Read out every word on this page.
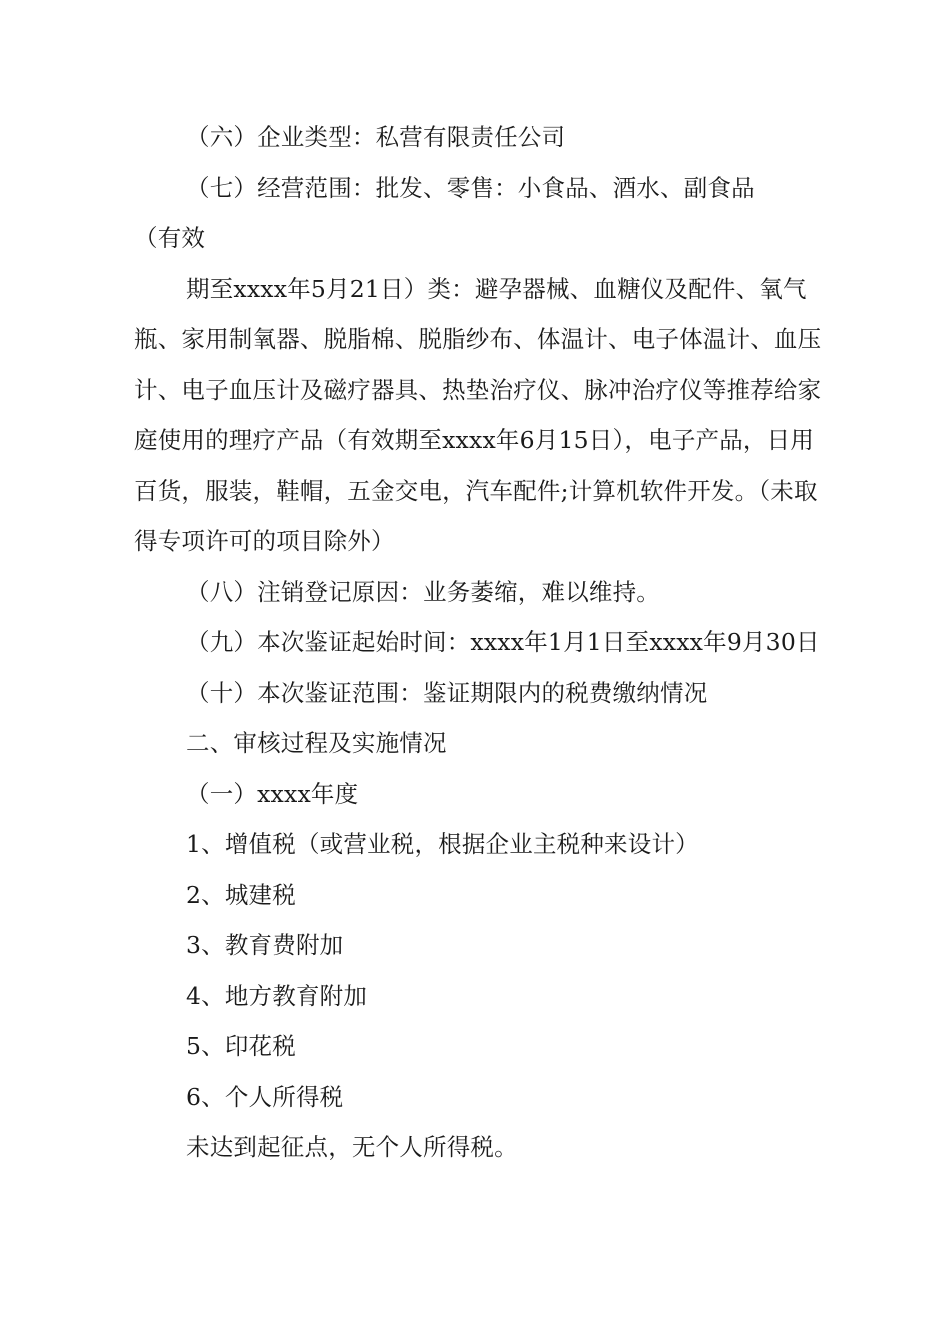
（六）企业类型：私营有限责任公司

（七）经营范围：批发、零售：小食品、酒水、副食品

（有效

期至xxxx年5月21日）类：避孕器械、血糖仪及配件、氧气瓶、家用制氧器、脱脂棉、脱脂纱布、体温计、电子体温计、血压计、电子血压计及磁疗器具、热垫治疗仪、脉冲治疗仪等推荐给家庭使用的理疗产品（有效期至xxxx年6月15日），电子产品，日用百货，服装，鞋帽，五金交电，汽车配件;计算机软件开发。（未取得专项许可的项目除外）

（八）注销登记原因：业务萎缩，难以维持。

（九）本次鉴证起始时间：xxxx年1月1日至xxxx年9月30日

（十）本次鉴证范围：鉴证期限内的税费缴纳情况

二、审核过程及实施情况

（一）xxxx年度

1、增值税（或营业税，根据企业主税种来设计）

2、城建税

3、教育费附加

4、地方教育附加

5、印花税

6、个人所得税

未达到起征点，无个人所得税。
